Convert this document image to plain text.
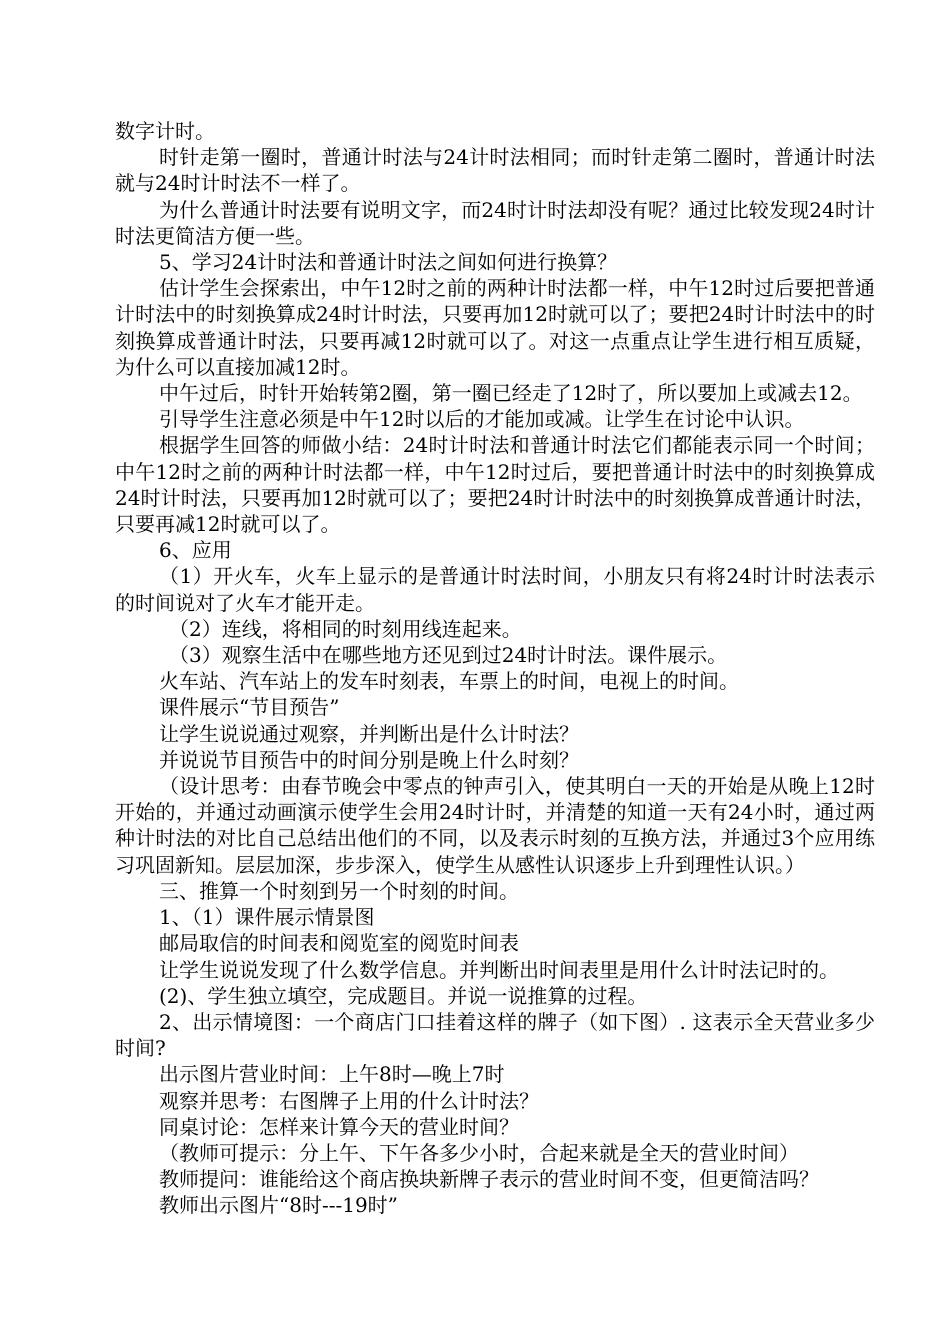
数字计时。

时针走第一圈时，普通计时法与24计时法相同；而时针走第二圈时，普通计时法就与24时计时法不一样了。

为什么普通计时法要有说明文字，而24时计时法却没有呢？通过比较发现24时计时法更简洁方便一些。

5、学习24计时法和普通计时法之间如何进行换算？

估计学生会探索出，中午12时之前的两种计时法都一样，中午12时过后要把普通计时法中的时刻换算成24时计时法，只要再加12时就可以了；要把24时计时法中的时刻换算成普通计时法，只要再减12时就可以了。对这一点重点让学生进行相互质疑，为什么可以直接加减12时。

中午过后，时针开始转第2圈，第一圈已经走了12时了，所以要加上或减去12。

引导学生注意必须是中午12时以后的才能加或减。让学生在讨论中认识。

根据学生回答的师做小结：24时计时法和普通计时法它们都能表示同一个时间；中午12时之前的两种计时法都一样，中午12时过后，要把普通计时法中的时刻换算成24时计时法，只要再加12时就可以了；要把24时计时法中的时刻换算成普通计时法，只要再减12时就可以了。

6、应用

（1）开火车，火车上显示的是普通计时法时间，小朋友只有将24时计时法表示的时间说对了火车才能开走。

（2）连线，将相同的时刻用线连起来。

（3）观察生活中在哪些地方还见到过24时计时法。课件展示。

火车站、汽车站上的发车时刻表，车票上的时间，电视上的时间。

课件展示“节目预告”

让学生说说通过观察，并判断出是什么计时法？

并说说节目预告中的时间分别是晚上什么时刻？

（设计思考：由春节晚会中零点的钟声引入，使其明白一天的开始是从晚上12时开始的，并通过动画演示使学生会用24时计时，并清楚的知道一天有24小时，通过两种计时法的对比自己总结出他们的不同，以及表示时刻的互换方法，并通过3个应用练习巩固新知。层层加深，步步深入，使学生从感性认识逐步上升到理性认识。）

三、推算一个时刻到另一个时刻的时间。

1、（1）课件展示情景图

邮局取信的时间表和阅览室的阅览时间表

让学生说说发现了什么数学信息。并判断出时间表里是用什么计时法记时的。

(2)、学生独立填空，完成题目。并说一说推算的过程。

2、出示情境图：一个商店门口挂着这样的牌子（如下图）. 这表示全天营业多少时间?

出示图片营业时间：上午8时—晚上7时

观察并思考：右图牌子上用的什么计时法？

同桌讨论：怎样来计算今天的营业时间？

（教师可提示：分上午、下午各多少小时，合起来就是全天的营业时间）

教师提问：谁能给这个商店换块新牌子表示的营业时间不变，但更简洁吗？

教师出示图片“8时---19时”
